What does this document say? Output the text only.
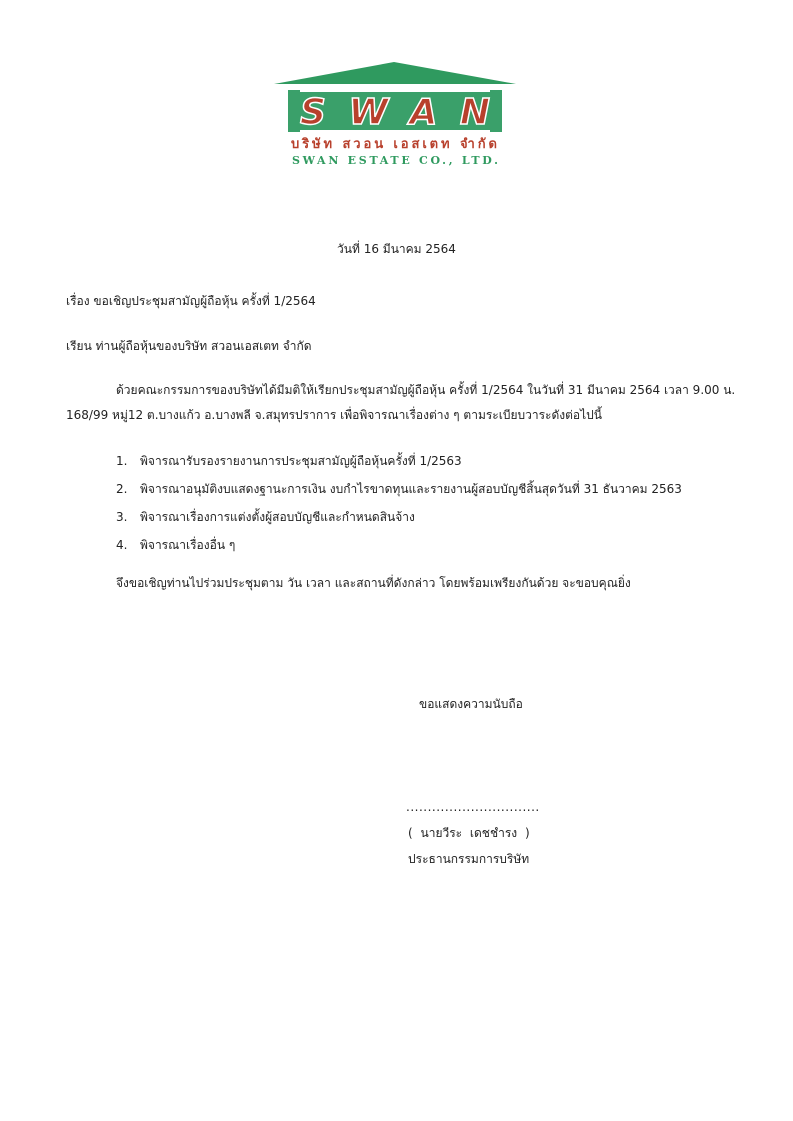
SWAN
บริษัท สวอน เอสเตท จำกัด
SWAN ESTATE CO., LTD.
วันที่ 16 มีนาคม 2564
เรื่อง ขอเชิญประชุมสามัญผู้ถือหุ้น ครั้งที่ 1/2564
เรียน ท่านผู้ถือหุ้นของบริษัท สวอนเอสเตท จำกัด
ด้วยคณะกรรมการของบริษัทได้มีมติให้เรียกประชุมสามัญผู้ถือหุ้น ครั้งที่ 1/2564 ในวันที่ 31 มีนาคม 2564 เวลา 9.00 น.
168/99 หมู่12 ต.บางแก้ว อ.บางพลี จ.สมุทรปราการ เพื่อพิจารณาเรื่องต่าง ๆ ตามระเบียบวาระดังต่อไปนี้
1.	พิจารณารับรองรายงานการประชุมสามัญผู้ถือหุ้นครั้งที่ 1/2563
2.	พิจารณาอนุมัติงบแสดงฐานะการเงิน งบกำไรขาดทุนและรายงานผู้สอบบัญชีสิ้นสุดวันที่ 31 ธันวาคม 2563
3.	พิจารณาเรื่องการแต่งตั้งผู้สอบบัญชีและกำหนดสินจ้าง
4.	พิจารณาเรื่องอื่น ๆ
จึงขอเชิญท่านไปร่วมประชุมตาม วัน เวลา และสถานที่ดังกล่าว โดยพร้อมเพรียงกันด้วย จะขอบคุณยิ่ง
ขอแสดงความนับถือ
...............................
( นายวีระ เดชชำรง )
ประธานกรรมการบริษัท
